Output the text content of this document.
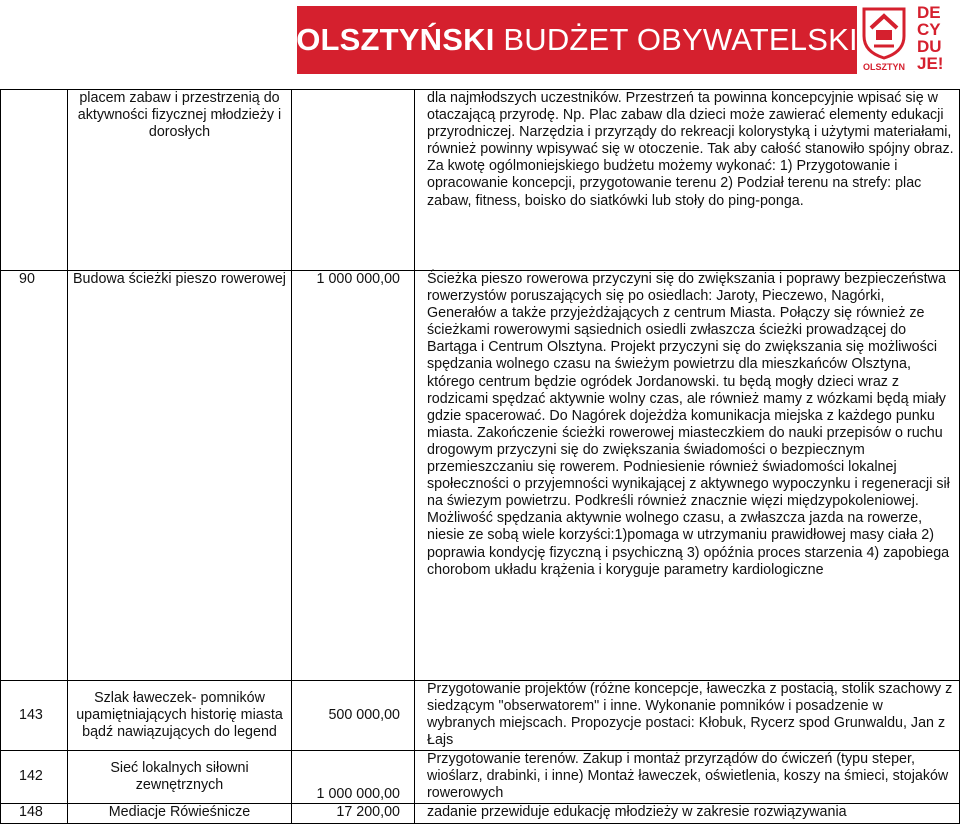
OLSZTYŃSKI BUDŻET OBYWATELSKI
OLSZTYN
DE
CY
DU
JE!
	placem zabaw i przestrzenią do aktywności fizycznej młodzieży i dorosłych		dla najmłodszych uczestników. Przestrzeń ta powinna koncepcyjnie wpisać się w otaczającą przyrodę. Np. Plac zabaw dla dzieci może zawierać elementy edukacji przyrodniczej. Narzędzia i przyrządy do rekreacji kolorystyką i użytymi materiałami, również powinny wpisywać się w otoczenie. Tak aby całość stanowiło spójny obraz. Za kwotę ogólmoniejskiego budżetu możemy wykonać: 1) Przygotowanie i opracowanie koncepcji, przygotowanie terenu 2) Podział terenu na strefy: plac zabaw, fitness, boisko do siatkówki lub stoły do ping-ponga.
90	Budowa ścieżki pieszo rowerowej	1 000 000,00	Ścieżka pieszo rowerowa przyczyni się do zwiększania i poprawy bezpieczeństwa rowerzystów poruszających się po osiedlach: Jaroty, Pieczewo, Nagórki, Generałów a także przyjeżdżających z centrum Miasta. Połączy się również ze ścieżkami rowerowymi sąsiednich osiedli zwłaszcza ścieżki prowadzącej do Bartąga i Centrum Olsztyna. Projekt przyczyni się do zwiększania się możliwości spędzania wolnego czasu na świeżym powietrzu dla mieszkańców Olsztyna, którego centrum będzie ogródek Jordanowski. tu będą mogły dzieci wraz z rodzicami spędzać aktywnie wolny czas, ale również mamy z wózkami będą miały gdzie spacerować. Do Nagórek dojeżdża komunikacja miejska z każdego punku miasta. Zakończenie ścieżki rowerowej miasteczkiem do nauki przepisów o ruchu drogowym przyczyni się do zwiększania świadomości o bezpiecznym przemieszczaniu się rowerem. Podniesienie również świadomości lokalnej społeczności o przyjemności wynikającej z aktywnego wypoczynku i regeneracji sił na świezym powietrzu. Podkreśli również znacznie więzi międzypokoleniowej. Możliwość spędzania aktywnie wolnego czasu, a zwłaszcza jazda na rowerze, niesie ze sobą wiele korzyści:1)pomaga w utrzymaniu prawidłowej masy ciała 2) poprawia kondycję fizyczną i psychiczną 3) opóźnia proces starzenia 4) zapobiega chorobom układu krążenia i koryguje parametry kardiologiczne
143	Szlak ławeczek- pomników upamiętniających historię miasta bądź nawiązujących do legend	500 000,00	Przygotowanie projektów (różne koncepcje, ławeczka z postacią, stolik szachowy z siedzącym "obserwatorem" i inne. Wykonanie pomników i posadzenie w wybranych miejscach. Propozycje postaci: Kłobuk, Rycerz spod Grunwaldu, Jan z Łajs
142	Sieć lokalnych siłowni zewnętrznych	1 000 000,00	Przygotowanie terenów. Zakup i montaż przyrządów do ćwiczeń (typu steper, wioślarz, drabinki, i inne) Montaż ławeczek, oświetlenia, koszy na śmieci, stojaków rowerowych
148	Mediacje Rówieśnicze	17 200,00	zadanie przewiduje edukację młodzieży w zakresie rozwiązywania
